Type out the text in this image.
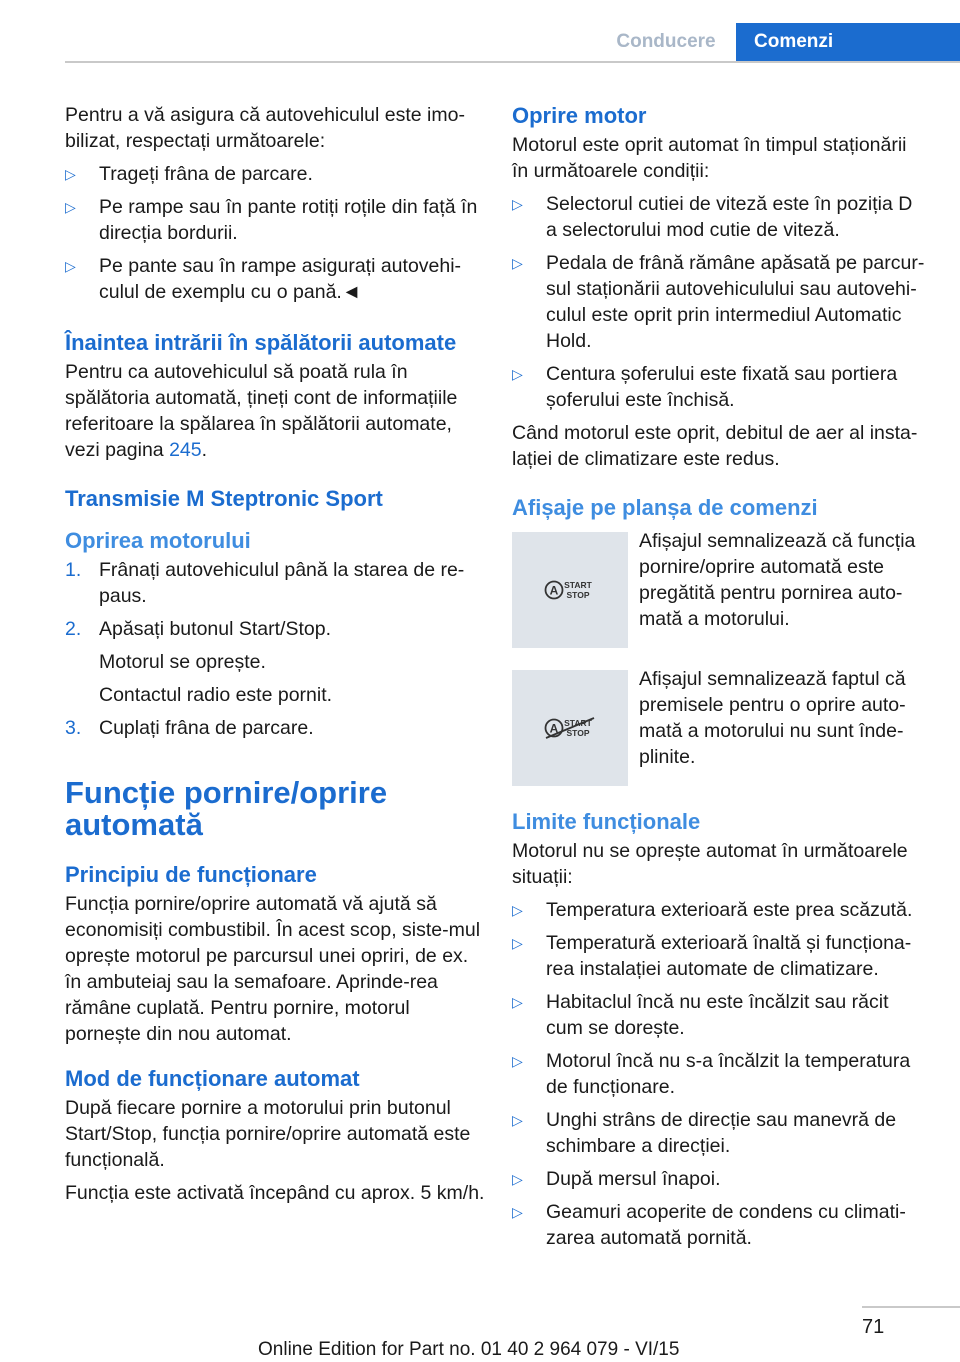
Conducere	Comenzi

Pentru a vă asigura că autovehiculul este imo‐bilizat, respectați următoarele:

▷ Trageți frâna de parcare.
▷ Pe rampe sau în pante rotiți roțile din față în direcția bordurii.
▷ Pe pante sau în rampe asigurați autovehi‐culul de exemplu cu o pană.◄
Înaintea intrării în spălătorii automate

Pentru ca autovehiculul să poată rula în spălătoria automată, țineți cont de informațiile referitoare la spălarea în spălătorii automate, vezi pagina 245.

Transmisie M Steptronic Sport
Oprirea motorului
1. Frânați autovehiculul până la starea de re‐paus.
2. Apăsați butonul Start/Stop.

Motorul se oprește.

Contactul radio este pornit.

3. Cuplați frâna de parcare.
Funcție pornire/oprire automată
Principiu de funcționare

Funcția pornire/oprire automată vă ajută să economisiți combustibil. În acest scop, siste‐mul oprește motorul pe parcursul unei opriri, de ex. în ambuteiaj sau la semafoare. Aprinde‐rea rămâne cuplată. Pentru pornire, motorul pornește din nou automat.

Mod de funcționare automat

După fiecare pornire a motorului prin butonul Start/Stop, funcția pornire/oprire automată este funcțională.

Funcția este activată începând cu aprox. 5 km/h.

Oprire motor

Motorul este oprit automat în timpul staționării în următoarele condiții:

▷ Selectorul cutiei de viteză este în poziția D a selectorului mod cutie de viteză.
▷ Pedala de frână rămâne apăsată pe parcur‐sul staționării autovehiculului sau autovehi‐culul este oprit prin intermediul Automatic Hold.
▷ Centura șoferului este fixată sau portiera șoferului este închisă.

Când motorul este oprit, debitul de aer al insta‐lației de climatizare este redus.

Afișaje pe planșa de comenzi
A START
STOP
Afișajul semnalizează că funcția pornire/oprire automată este pregătită pentru pornirea auto‐mată a motorului.
A START
STOP
Afișajul semnalizează faptul că premisele pentru o oprire auto‐mată a motorului nu sunt înde‐plinite.
Limite funcționale

Motorul nu se oprește automat în următoarele situații:

▷ Temperatura exterioară este prea scăzută.
▷ Temperatură exterioară înaltă și funcționa‐rea instalației automate de climatizare.
▷ Habitaclul încă nu este încălzit sau răcit cum se dorește.
▷ Motorul încă nu s-a încălzit la temperatura de funcționare.
▷ Unghi strâns de direcție sau manevră de schimbare a direcției.
▷ După mersul înapoi.
▷ Geamuri acoperite de condens cu climati‐zarea automată pornită.
71
Online Edition for Part no. 01 40 2 964 079 - VI/15
